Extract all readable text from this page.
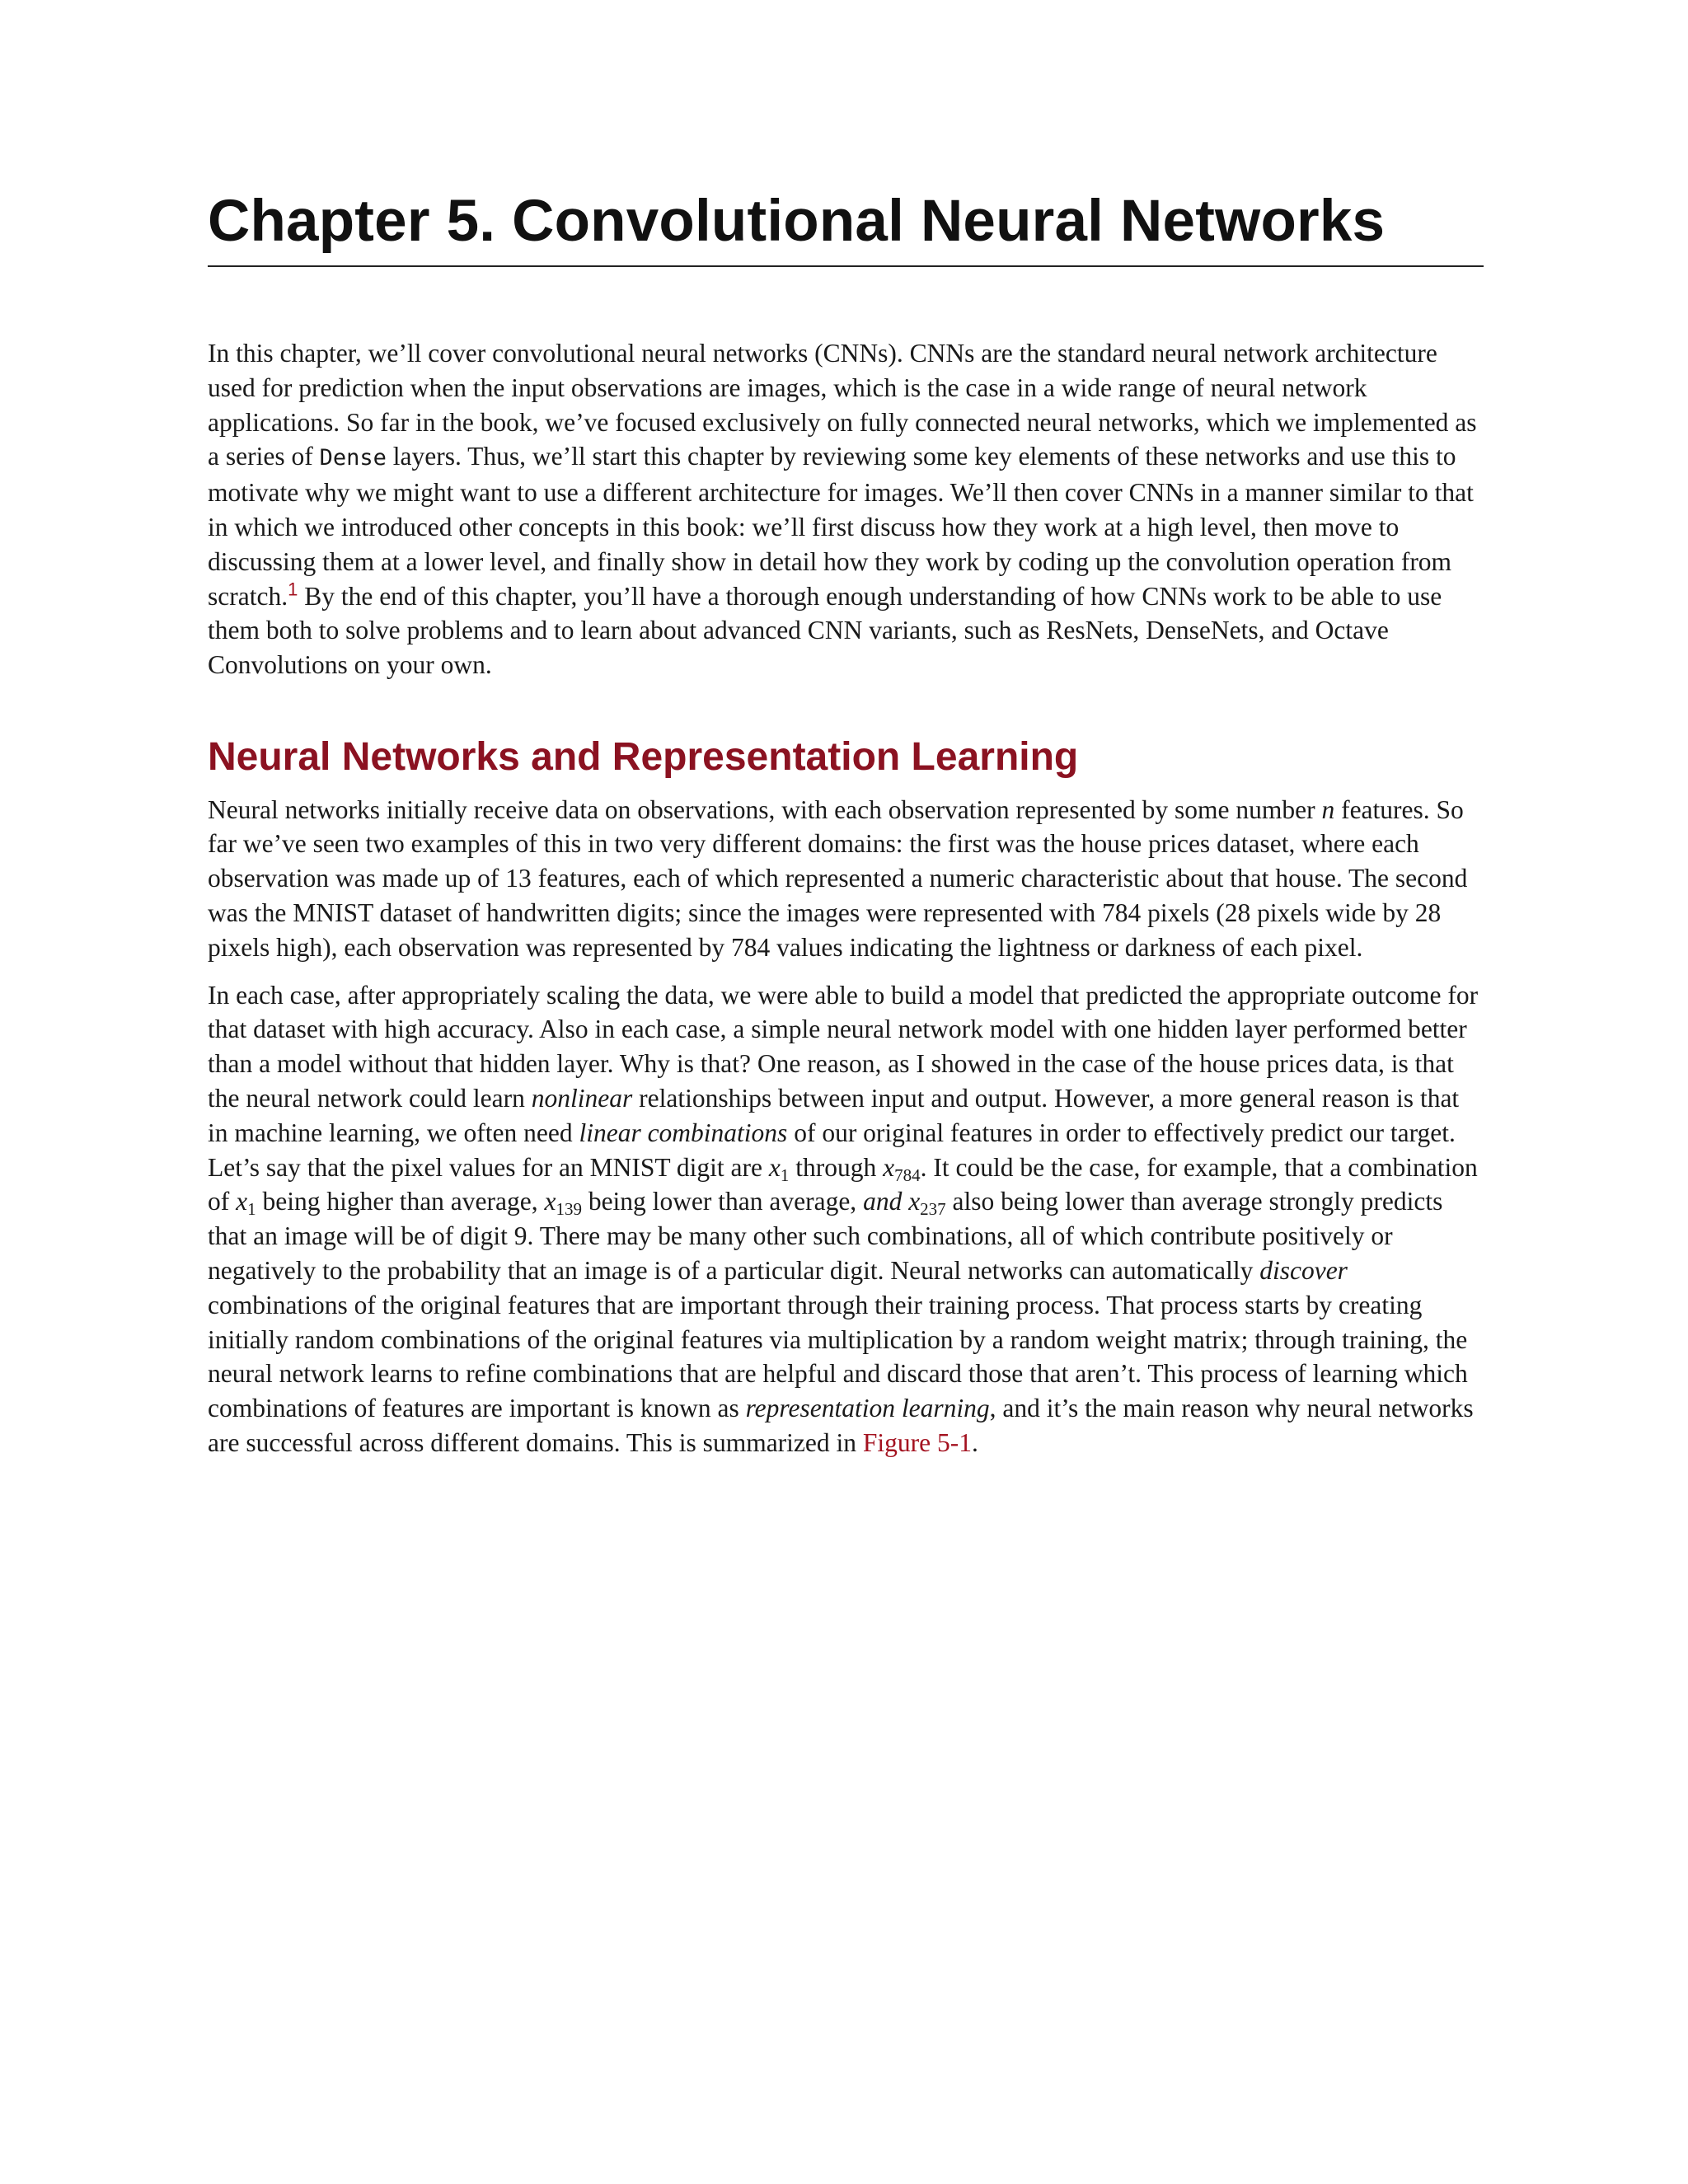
Chapter 5. Convolutional Neural Networks

In this chapter, we’ll cover convolutional neural networks (CNNs). CNNs are the standard neural network architecture used for prediction when the input observations are images, which is the case in a wide range of neural network applications. So far in the book, we’ve focused exclusively on fully connected neural networks, which we implemented as a series of Dense layers. Thus, we’ll start this chapter by reviewing some key elements of these networks and use this to motivate why we might want to use a different architecture for images. We’ll then cover CNNs in a manner similar to that in which we introduced other concepts in this book: we’ll first discuss how they work at a high level, then move to discussing them at a lower level, and finally show in detail how they work by coding up the convolution operation from scratch.$^1$ By the end of this chapter, you’ll have a thorough enough understanding of how CNNs work to be able to use them both to solve problems and to learn about advanced CNN variants, such as ResNets, DenseNets, and Octave Convolutions on your own.

Neural Networks and Representation Learning

Neural networks initially receive data on observations, with each observation represented by some number n features. So far we’ve seen two examples of this in two very different domains: the first was the house prices dataset, where each observation was made up of 13 features, each of which represented a numeric characteristic about that house. The second was the MNIST dataset of handwritten digits; since the images were represented with 784 pixels (28 pixels wide by 28 pixels high), each observation was represented by 784 values indicating the lightness or darkness of each pixel.

In each case, after appropriately scaling the data, we were able to build a model that predicted the appropriate outcome for that dataset with high accuracy. Also in each case, a simple neural network model with one hidden layer performed better than a model without that hidden layer. Why is that? One reason, as I showed in the case of the house prices data, is that the neural network could learn nonlinear relationships between input and output. However, a more general reason is that in machine learning, we often need linear combinations of our original features in order to effectively predict our target. Let’s say that the pixel values for an MNIST digit are $x_1$ through $x_{784}$. It could be the case, for example, that a combination of $x_1$ being higher than average, $x_{139}$ being lower than average, and $x_{237}$ also being lower than average strongly predicts that an image will be of digit 9. There may be many other such combinations, all of which contribute positively or negatively to the probability that an image is of a particular digit. Neural networks can automatically discover combinations of the original features that are important through their training process. That process starts by creating initially random combinations of the original features via multiplication by a random weight matrix; through training, the neural network learns to refine combinations that are helpful and discard those that aren’t. This process of learning which combinations of features are important is known as representation learning, and it’s the main reason why neural networks are successful across different domains. This is summarized in Figure 5-1.
